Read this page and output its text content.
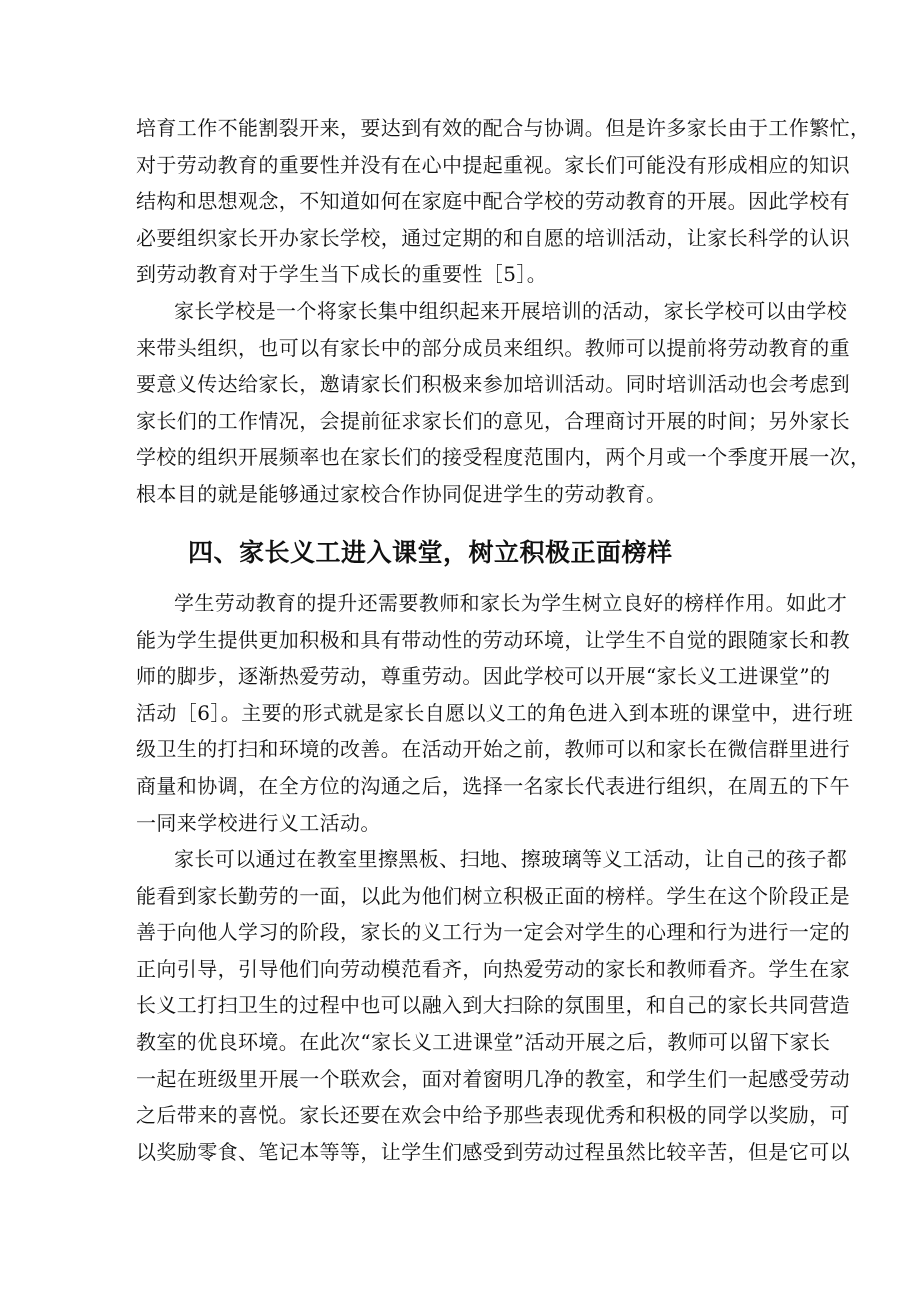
培育工作不能割裂开来，要达到有效的配合与协调。但是许多家长由于工作繁忙，
对于劳动教育的重要性并没有在心中提起重视。家长们可能没有形成相应的知识
结构和思想观念，不知道如何在家庭中配合学校的劳动教育的开展。因此学校有
必要组织家长开办家长学校，通过定期的和自愿的培训活动，让家长科学的认识
到劳动教育对于学生当下成长的重要性［5］。
家长学校是一个将家长集中组织起来开展培训的活动，家长学校可以由学校
来带头组织，也可以有家长中的部分成员来组织。教师可以提前将劳动教育的重
要意义传达给家长，邀请家长们积极来参加培训活动。同时培训活动也会考虑到
家长们的工作情况，会提前征求家长们的意见，合理商讨开展的时间；另外家长
学校的组织开展频率也在家长们的接受程度范围内，两个月或一个季度开展一次，
根本目的就是能够通过家校合作协同促进学生的劳动教育。
四、家长义工进入课堂，树立积极正面榜样
学生劳动教育的提升还需要教师和家长为学生树立良好的榜样作用。如此才
能为学生提供更加积极和具有带动性的劳动环境，让学生不自觉的跟随家长和教
师的脚步，逐渐热爱劳动，尊重劳动。因此学校可以开展“家长义工进课堂”的
活动［6］。主要的形式就是家长自愿以义工的角色进入到本班的课堂中，进行班
级卫生的打扫和环境的改善。在活动开始之前，教师可以和家长在微信群里进行
商量和协调，在全方位的沟通之后，选择一名家长代表进行组织，在周五的下午
一同来学校进行义工活动。
家长可以通过在教室里擦黑板、扫地、擦玻璃等义工活动，让自己的孩子都
能看到家长勤劳的一面，以此为他们树立积极正面的榜样。学生在这个阶段正是
善于向他人学习的阶段，家长的义工行为一定会对学生的心理和行为进行一定的
正向引导，引导他们向劳动模范看齐，向热爱劳动的家长和教师看齐。学生在家
长义工打扫卫生的过程中也可以融入到大扫除的氛围里，和自己的家长共同营造
教室的优良环境。在此次“家长义工进课堂”活动开展之后，教师可以留下家长
一起在班级里开展一个联欢会，面对着窗明几净的教室，和学生们一起感受劳动
之后带来的喜悦。家长还要在欢会中给予那些表现优秀和积极的同学以奖励，可
以奖励零食、笔记本等等，让学生们感受到劳动过程虽然比较辛苦，但是它可以
